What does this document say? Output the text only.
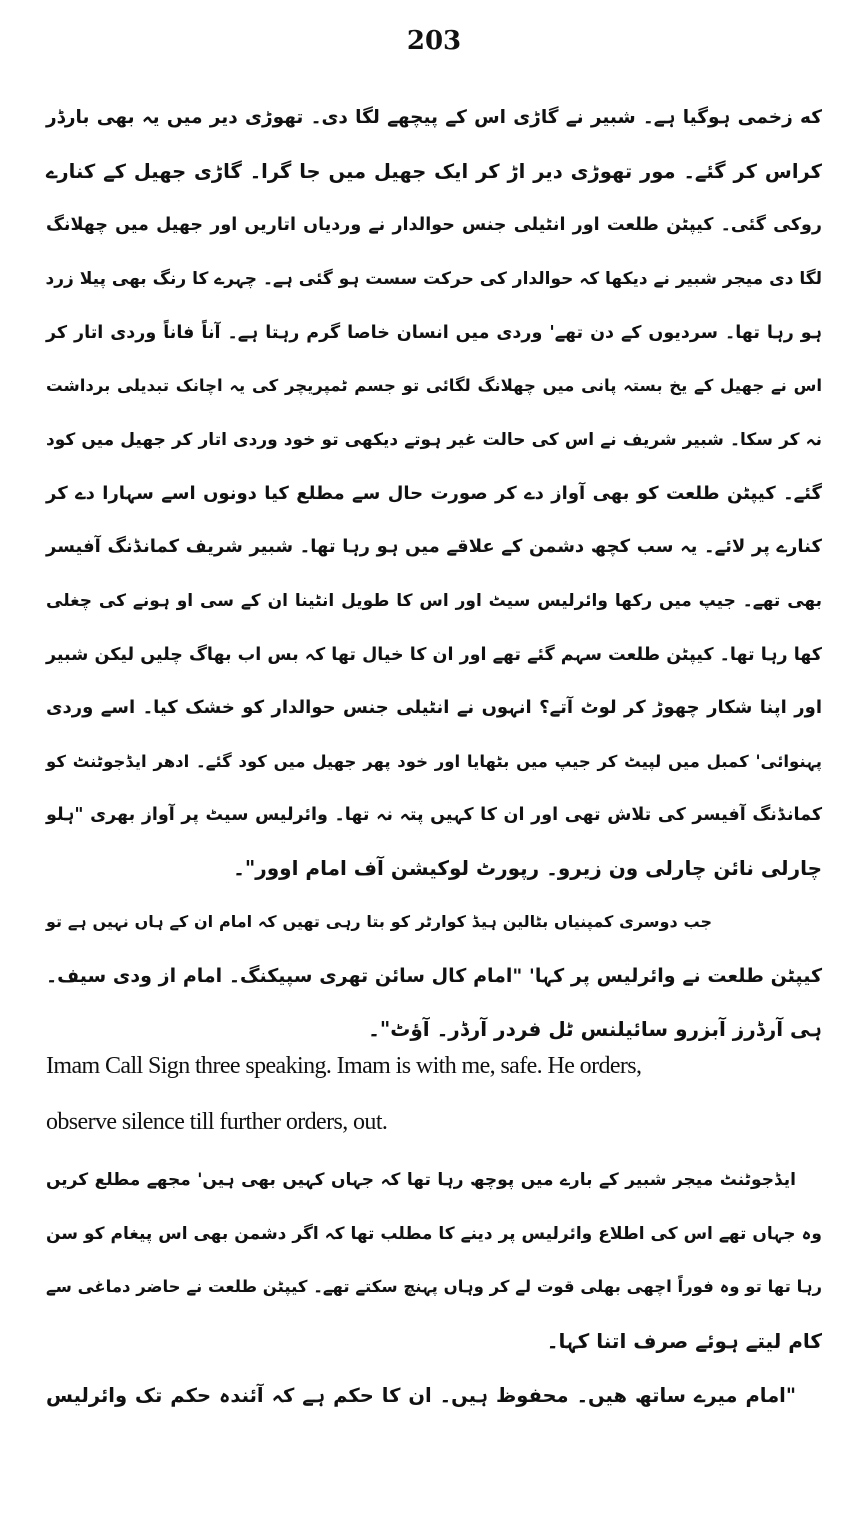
203
که زخمی ہوگیا ہے۔ شبیر نے گاڑی اس کے پیچھے لگا دی۔ تھوڑی دیر میں یہ بھی بارڈر
کراس کر گئے۔ مور تھوڑی دیر اڑ کر ایک جھیل میں جا گرا۔ گاڑی جھیل کے کنارے
روکی گئی۔ کیپٹن طلعت اور انٹیلی جنس حوالدار نے وردیاں اتاریں اور جھیل میں چھلانگ
لگا دی میجر شبیر نے دیکھا کہ حوالدار کی حرکت سست ہو گئی ہے۔ چہرے کا رنگ بھی پیلا زرد
ہو رہا تھا۔ سردیوں کے دن تھے' وردی میں انسان خاصا گرم رہتا ہے۔ آناً فاناً وردی اتار کر
اس نے جھیل کے یخ بستہ پانی میں چھلانگ لگائی تو جسم ٹمپریچر کی یہ اچانک تبدیلی برداشت
نہ کر سکا۔ شبیر شریف نے اس کی حالت غیر ہوتے دیکھی تو خود وردی اتار کر جھیل میں کود
گئے۔ کیپٹن طلعت کو بھی آواز دے کر صورت حال سے مطلع کیا دونوں اسے سہارا دے کر
کنارے پر لائے۔ یہ سب کچھ دشمن کے علاقے میں ہو رہا تھا۔ شبیر شریف کمانڈنگ آفیسر
بھی تھے۔ جیپ میں رکھا وائرلیس سیٹ اور اس کا طویل انٹینا ان کے سی او ہونے کی چغلی
کھا رہا تھا۔ کیپٹن طلعت سہم گئے تھے اور ان کا خیال تھا کہ بس اب بھاگ چلیں لیکن شبیر
اور اپنا شکار چھوڑ کر لوٹ آتے؟ انہوں نے انٹیلی جنس حوالدار کو خشک کیا۔ اسے وردی
پہنوائی' کمبل میں لپیٹ کر جیپ میں بٹھایا اور خود پھر جھیل میں کود گئے۔ ادھر ایڈجوٹنٹ کو
کمانڈنگ آفیسر کی تلاش تھی اور ان کا کہیں پتہ نہ تھا۔ وائرلیس سیٹ پر آواز بھری "ہلو
چارلی نائن چارلی ون زیرو۔ رپورٹ لوکیشن آف امام اوور"۔
جب دوسری کمپنیاں بٹالین ہیڈ کوارٹر کو بتا رہی تھیں کہ امام ان کے ہاں نہیں ہے تو
کیپٹن طلعت نے وائرلیس پر کہا' "امام کال سائن تھری سپیکنگ۔ امام از ودی سیف۔
ہی آرڈرز آبزرو سائیلنس ٹل فردر آرڈر۔ آؤٹ"۔
Imam Call Sign three speaking. Imam is with me, safe. He orders,
observe silence till further orders, out.
ایڈجوٹنٹ میجر شبیر کے بارے میں پوچھ رہا تھا کہ جہاں کہیں بھی ہیں' مجھے مطلع کریں
وہ جہاں تھے اس کی اطلاع وائرلیس پر دینے کا مطلب تھا کہ اگر دشمن بھی اس پیغام کو سن
رہا تھا تو وہ فوراً اچھی بھلی قوت لے کر وہاں پہنچ سکتے تھے۔ کیپٹن طلعت نے حاضر دماغی سے
کام لیتے ہوئے صرف اتنا کہا۔
"امام میرے ساتھ ھیں۔ محفوظ ہیں۔ ان کا حکم ہے کہ آئندہ حکم تک وائرلیس
